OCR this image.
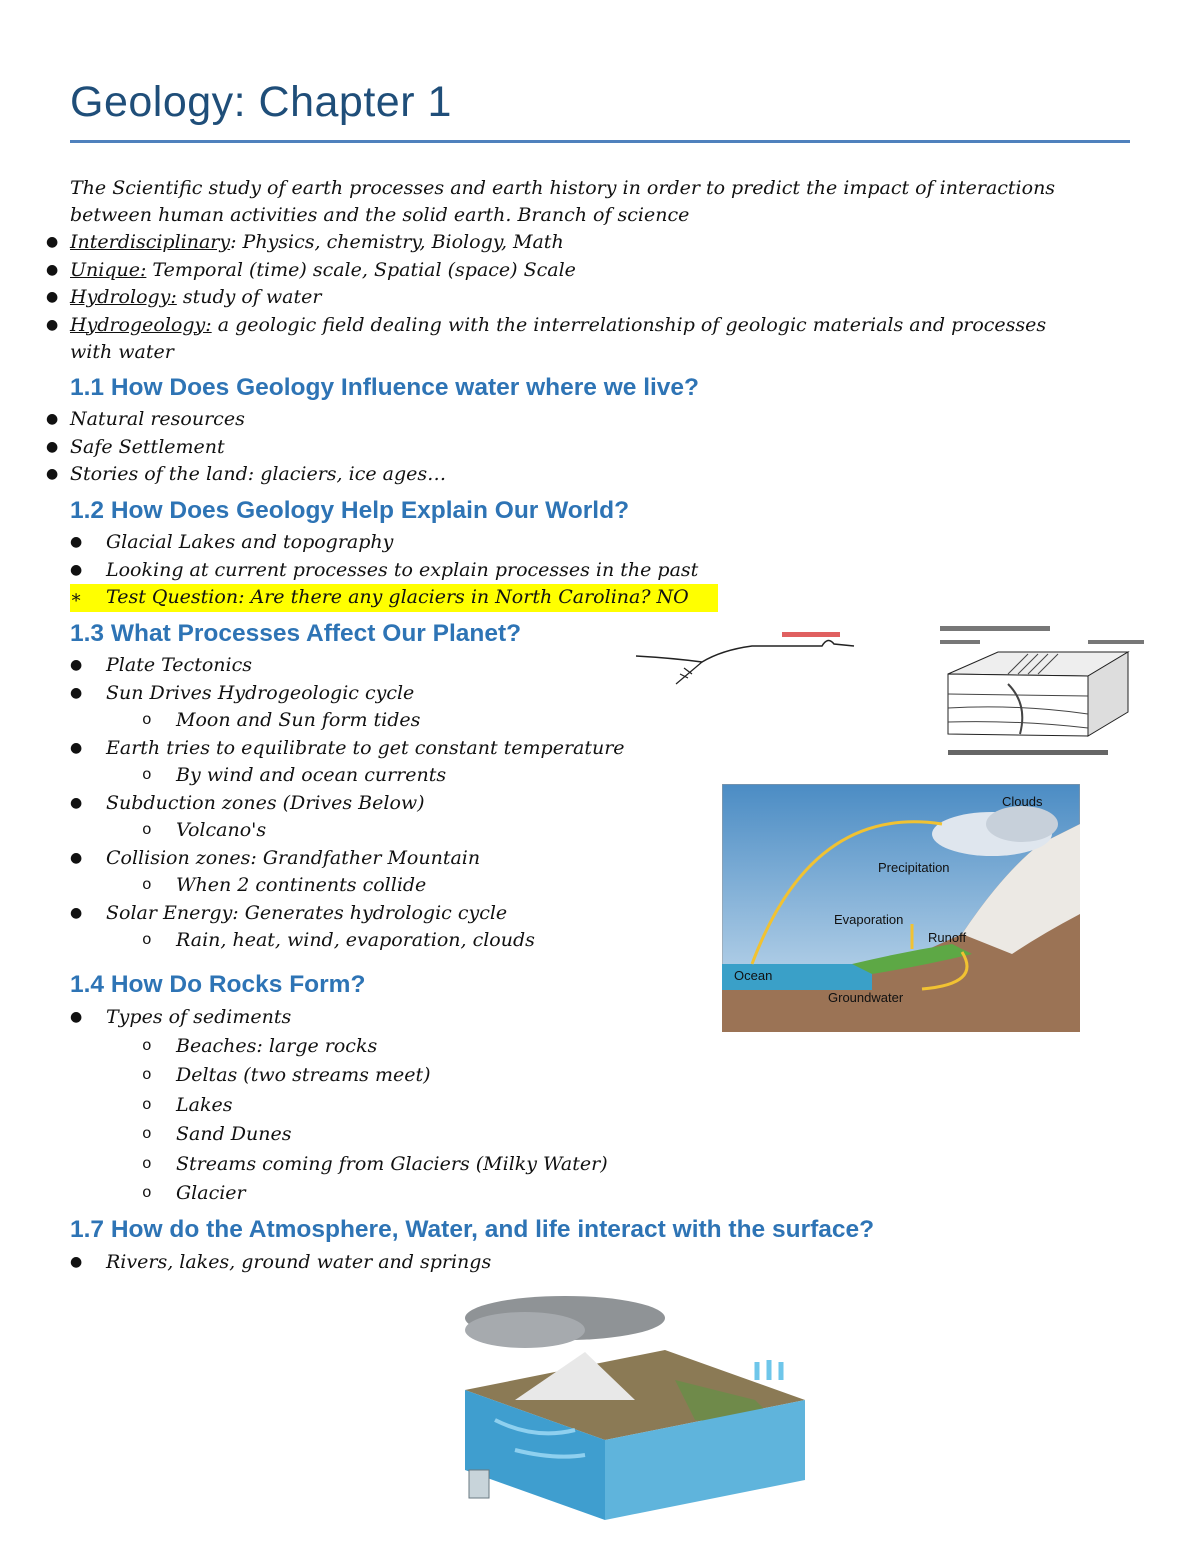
Geology: Chapter 1
The Scientific study of earth processes and earth history in order to predict the impact of interactions between human activities and the solid earth. Branch of science
● Interdisciplinary: Physics, chemistry, Biology, Math
● Unique: Temporal (time) scale, Spatial (space) Scale
● Hydrology: study of water
● Hydrogeology: a geologic field dealing with the interrelationship of geologic materials and processes
with water
1.1 How Does Geology Influence water where we live?
● Natural resources
● Safe Settlement
● Stories of the land: glaciers, ice ages…
1.2 How Does Geology Help Explain Our World?
● Glacial Lakes and topography
● Looking at current processes to explain processes in the past
∗ Test Question: Are there any glaciers in North Carolina? NO
1.3 What Processes Affect Our Planet?
● Plate Tectonics
● Sun Drives Hydrogeologic cycle
o Moon and Sun form tides
● Earth tries to equilibrate to get constant temperature
o By wind and ocean currents
● Subduction zones (Drives Below)
o Volcano's
● Collision zones: Grandfather Mountain
o When 2 continents collide
● Solar Energy: Generates hydrologic cycle
o Rain, heat, wind, evaporation, clouds
1.4 How Do Rocks Form?
● Types of sediments
o Beaches: large rocks
o Deltas (two streams meet)
o Lakes
o Sand Dunes
o Streams coming from Glaciers (Milky Water)
o Glacier
1.7 How do the Atmosphere, Water, and life interact with the surface?
● Rivers, lakes, ground water and springs
Clouds
Precipitation
Evaporation
Runoff
Ocean
Groundwater
